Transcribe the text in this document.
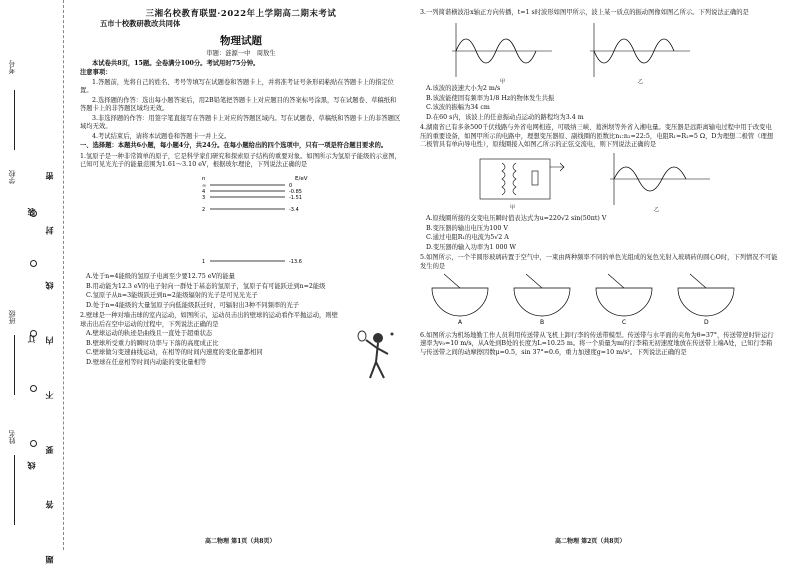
姓名
班级
学校
考号
线 订 装 题 答 要 不 内 线 封 密
三湘名校教育联盟·2022年上学期高二期末考试
五市十校教研教改共同体
物理试题
审题：涟源一中　周敖生

本试卷共8页，15题。全卷满分100分。考试用时75分钟。

注意事项：

1.答题前，先将自己的姓名、考号等填写在试题卷和答题卡上，并将准考证号条形码粘贴在答题卡上的指定位置。

2.选择题的作答：选出每小题答案后，用2B铅笔把答题卡上对应题目的答案标号涂黑，写在试题卷、草稿纸和答题卡上的非答题区域均无效。

3.非选择题的作答：用签字笔直接写在答题卡上对应的答题区域内。写在试题卷、草稿纸和答题卡上的非答题区域均无效。

4.考试结束后，请将本试题卷和答题卡一并上交。

一、选择题：本题共6小题，每小题4分，共24分。在每小题给出的四个选项中，只有一项是符合题目要求的。

1.氢原子是一种非常简单的原子，它是科学家们研究和探索原子结构的重要对象。如图所示为氢原子能级的示意图，已知可见光光子的能量范围为1.61～3.10 eV，根据玻尔理论，下列说法正确的是

E/eV
n
∞	0
4	-0.85
3	-1.51
2	-3.4
1	-13.6

A.处于n=4能级的氢原子电离至少要12.75 eV的能量

B.用动能为12.3 eV的电子射向一群处于基态的氢原子，氢原子有可能跃迁到n=2能级

C.氢原子从n=3能级跃迁到n=2能级辐射的光子是可见光光子

D.处于n=4能级的大量氢原子向低能级跃迁时，可辐射出3种不同频率的光子

2.壁球是一种对墙击球的室内运动，如图所示，运动员击出的壁球的运动看作平抛运动，则壁球击出后在空中运动的过程中，下列说法正确的是

A.壁球运动的轨迹是曲线且一直处于超重状态

B.壁球所受重力的瞬时功率与下落的高度成正比

C.壁球做匀变速曲线运动，在相等的时间内速度的变化量都相同

D.壁球在任意相等时间内动能的变化量相等

高二物理 第1页（共8页）

3.一列简谐横波沿x轴正方向传播，t=1 s时波形如图甲所示，波上某一质点的振动图像如图乙所示。下列说法正确的是

甲	乙

A.该波的波速大小为2 m/s

B.该波能使固有频率为1/8 Hz的物体发生共振

C.该波的振幅为34 cm

D.在60 s内，该波上的任意振动点运动的路程均为3.4 m

4.湖南省已有多条500千伏线路与外省电网相连，可吸纳三峡、葛洲坝等外省入湘电量。变压器是远距离输电过程中用于改变电压的重要设备，如图甲所示的电路中，理想变压器原、副线圈的匝数比n₁:n₂=22:5，电阻R₁=R₂=5 Ω，D为理想二极管（理想二极管具有单向导电性），原线圈接入如图乙所示的正弦交流电，则下列说法正确的是

甲	乙

A.原线圈所接的交变电压瞬时值表达式为u=220√2 sin(50πt) V

B.变压器的输出电压为100 V

C.通过电阻R₁的电流为5√2 A

D.变压器的输入功率为1 000 W

5.如图所示，一个半圆形玻璃砖置于空气中，一束由两种频率不同的单色光组成的复色光射入玻璃砖的圆心O时，下列情况不可能发生的是

A	B	C	D

6.如图所示为机场地勤工作人员利用传送带从飞机上卸行李的传送带模型。传送带与水平面的夹角为θ=37°，传送带逆时针运行速率为v₀=10 m/s，从A处到B处的长度为L=10.25 m。将一个质量为m的行李箱无初速度地放在传送带上端A处，已知行李箱与传送带之间的动摩擦因数μ=0.5，sin 37°=0.6，重力加速度g=10 m/s²。下列说法正确的是

高二物理 第2页（共8页）
